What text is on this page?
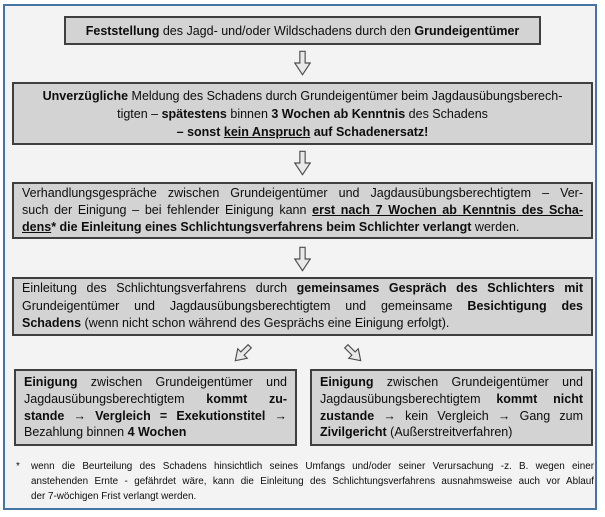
Feststellung des Jagd- und/oder Wildschadens durch den Grundeigentümer
Unverzügliche Meldung des Schadens durch Grundeigentümer beim Jagdausübungsberech-
tigten – spätestens binnen 3 Wochen ab Kenntnis des Schadens
– sonst kein Anspruch auf Schadenersatz!
Verhandlungsgespräche zwischen Grundeigentümer und Jagdausübungsberechtigtem – Ver-
such der Einigung – bei fehlender Einigung kann erst nach 7 Wochen ab Kenntnis des Scha-
dens* die Einleitung eines Schlichtungsverfahrens beim Schlichter verlangt werden.
Einleitung des Schlichtungsverfahrens durch gemeinsames Gespräch des Schlichters mit
Grundeigentümer und Jagdausübungsberechtigtem und gemeinsame Besichtigung des
Schadens (wenn nicht schon während des Gesprächs eine Einigung erfolgt).
Einigung zwischen Grundeigentümer und
Jagdausübungsberechtigtem kommt zu-
stande → Vergleich = Exekutionstitel →
Bezahlung binnen 4 Wochen
Einigung zwischen Grundeigentümer und
Jagdausübungsberechtigtem kommt nicht
zustande → kein Vergleich → Gang zum
Zivilgericht (Außerstreitverfahren)
*	wenn die Beurteilung des Schadens hinsichtlich seines Umfangs und/oder seiner Verursachung -z. B. wegen einer
anstehenden Ernte - gefährdet wäre, kann die Einleitung des Schlichtungsverfahrens ausnahmsweise auch vor Ablauf
der 7-wöchigen Frist verlangt werden.
